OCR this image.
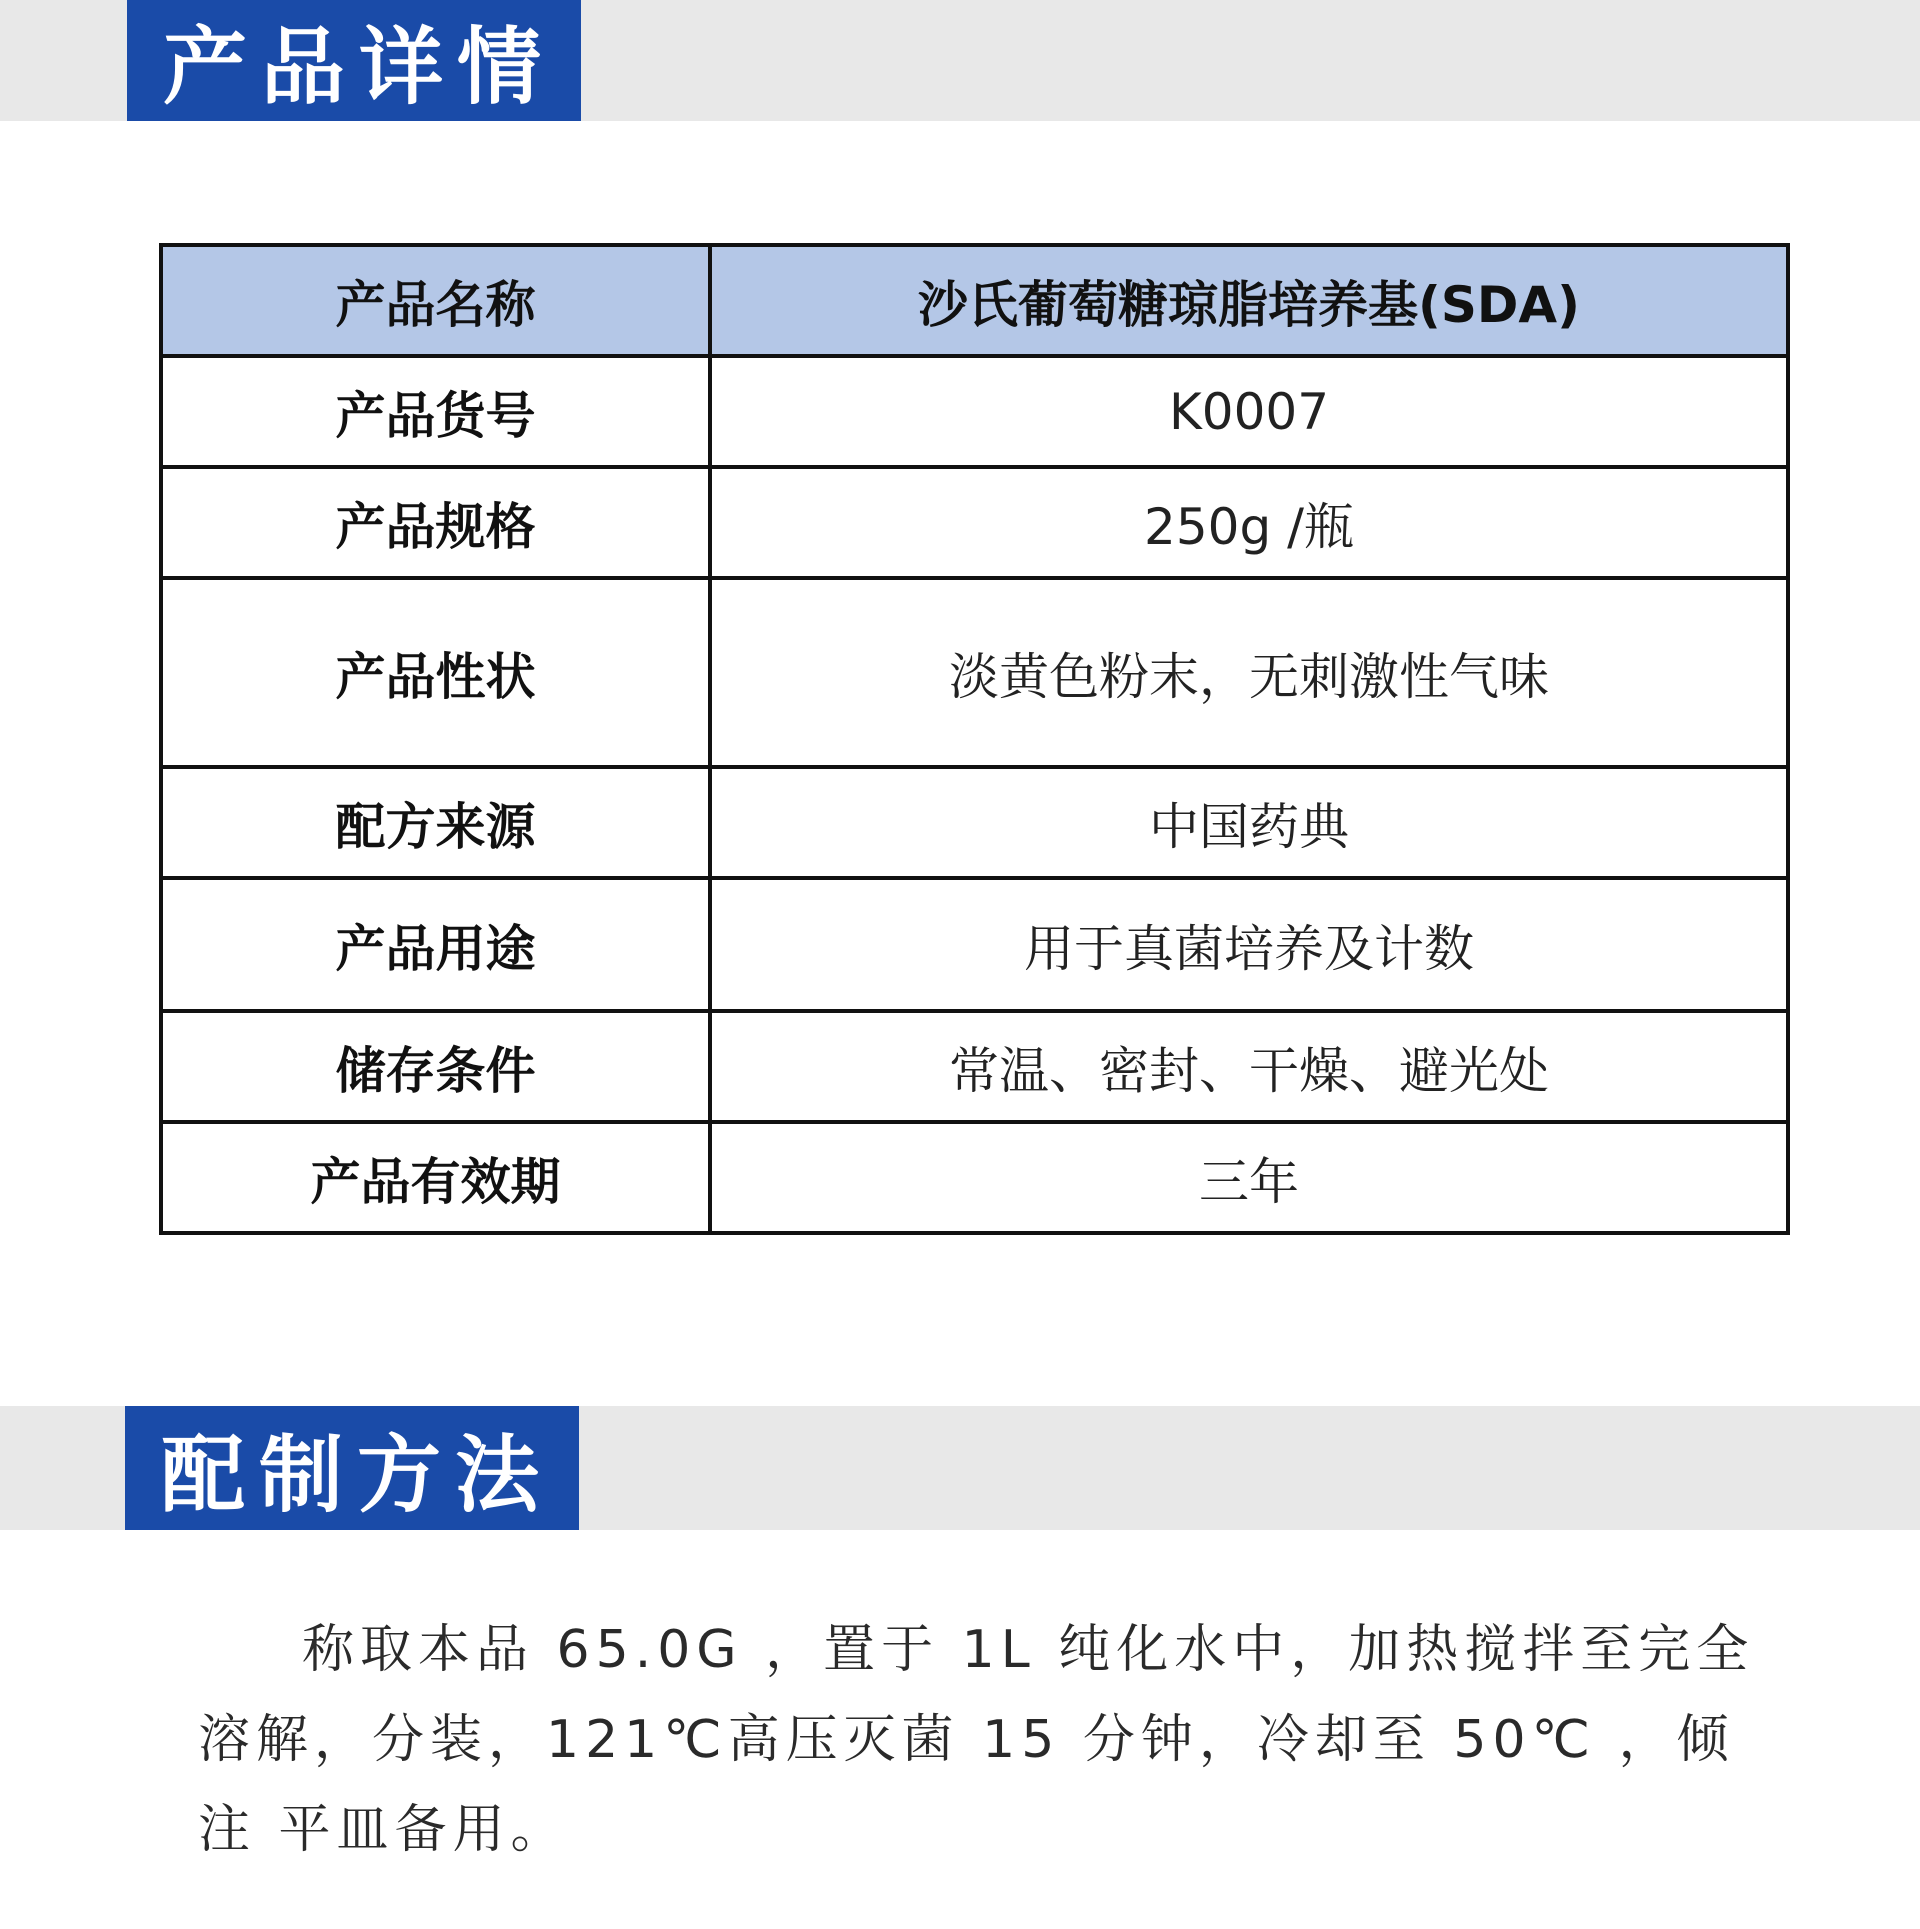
产品详情
产品名称	沙氏葡萄糖琼脂培养基(SDA)
产品货号	K0007
产品规格	250g /瓶
产品性状	淡黄色粉末，无刺激性气味
配方来源	中国药典
产品用途	用于真菌培养及计数
储存条件	常温、密封、干燥、避光处
产品有效期	三年
配制方法

称取本品 65.0G ，置于 1L 纯化水中，加热搅拌至完全 溶解，分装，121℃高压灭菌 15 分钟，冷却至 50℃ ，倾注 平皿备用。
